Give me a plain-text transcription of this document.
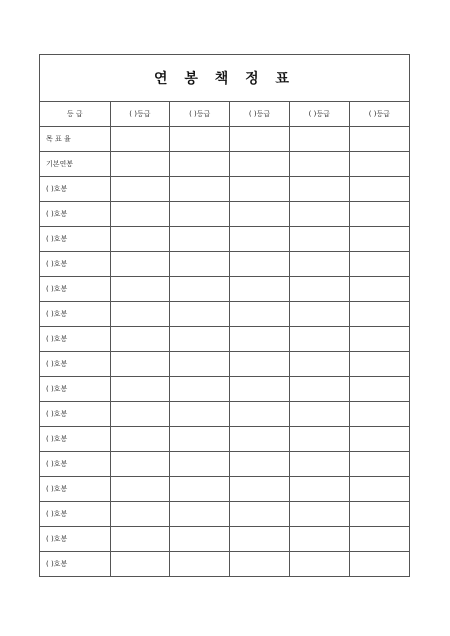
연 봉 책 정 표
등 급	( )등급	( )등급	( )등급	( )등급	( )등급
목 표 율					
기본연봉					
( )호봉					
( )호봉					
( )호봉					
( )호봉					
( )호봉					
( )호봉					
( )호봉					
( )호봉					
( )호봉					
( )호봉					
( )호봉					
( )호봉					
( )호봉					
( )호봉					
( )호봉					
( )호봉					
